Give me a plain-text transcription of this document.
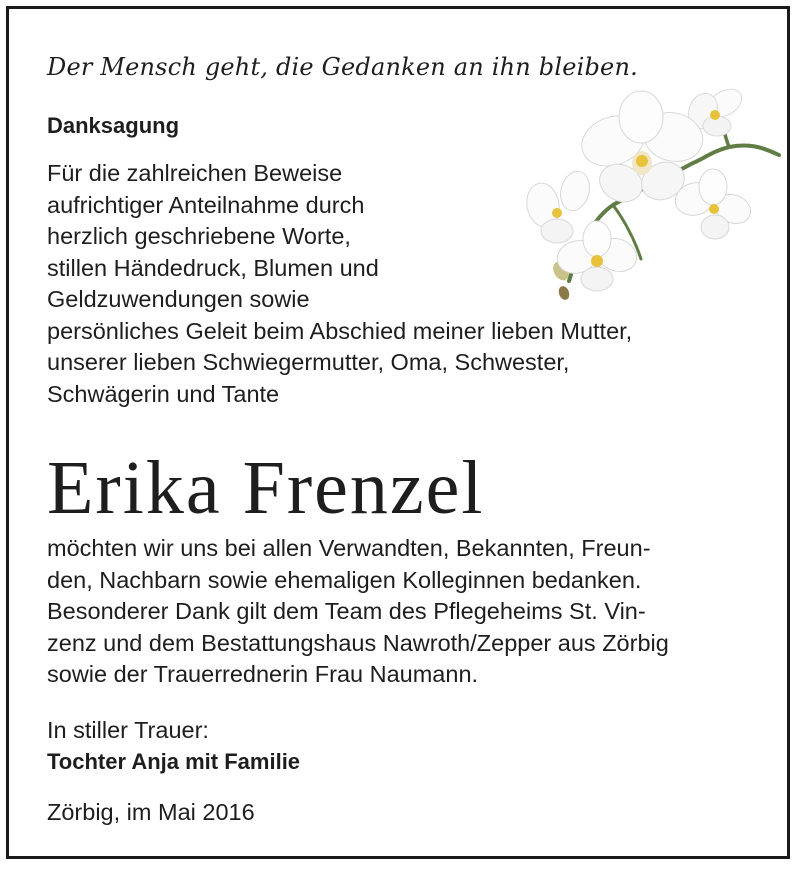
Der Mensch geht, die Gedanken an ihn bleiben.
Danksagung
Für die zahlreichen Beweise
aufrichtiger Anteilnahme durch
herzlich geschriebene Worte,
stillen Händedruck, Blumen und
Geldzuwendungen sowie
persönliches Geleit beim Abschied meiner lieben Mutter,
unserer lieben Schwiegermutter, Oma, Schwester,
Schwägerin und Tante
Erika Frenzel
möchten wir uns bei allen Verwandten, Bekannten, Freun-
den, Nachbarn sowie ehemaligen Kolleginnen bedanken.
Besonderer Dank gilt dem Team des Pflegeheims St. Vin-
zenz und dem Bestattungshaus Nawroth/Zepper aus Zörbig
sowie der Trauerrednerin Frau Naumann.
In stiller Trauer:
Tochter Anja mit Familie
Zörbig, im Mai 2016
